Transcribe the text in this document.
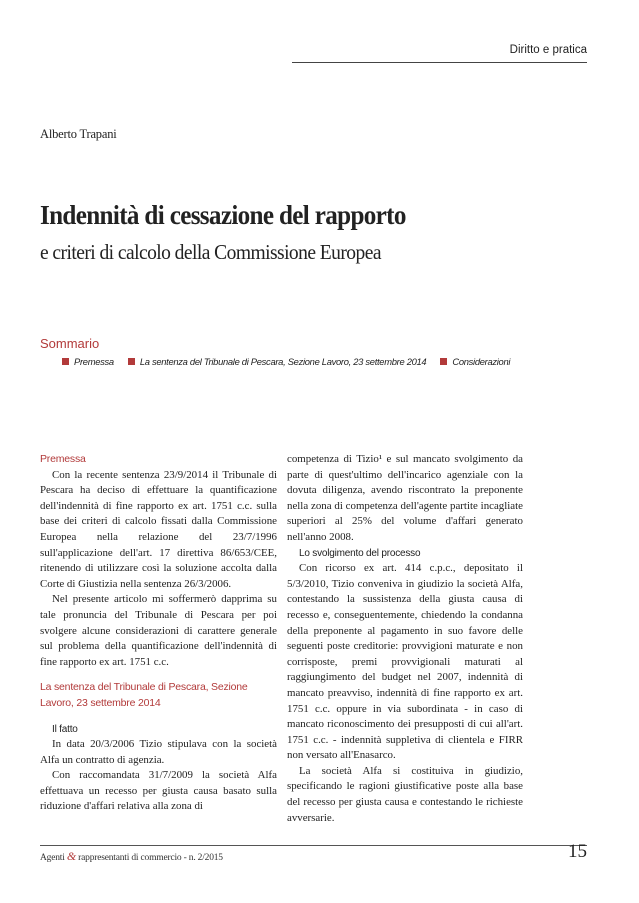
Diritto e pratica
Alberto Trapani
Indennità di cessazione del rapporto
e criteri di calcolo della Commissione Europea
Sommario
Premessa	La sentenza del Tribunale di Pescara, Sezione Lavoro, 23 settembre 2014	Considerazioni

Premessa

Con la recente sentenza 23/9/2014 il Tribunale di Pescara ha deciso di effettuare la quantificazione dell'indennità di fine rapporto ex art. 1751 c.c. sulla base dei criteri di calcolo fissati dalla Commissione Europea nella relazione del 23/7/1996 sull'applicazione dell'art. 17 direttiva 86/653/CEE, ritenendo di utilizzare così la soluzione accolta dalla Corte di Giustizia nella sentenza 26/3/2006.

Nel presente articolo mi soffermerò dapprima su tale pronuncia del Tribunale di Pescara per poi svolgere alcune considerazioni di carattere generale sul problema della quantificazione dell'indennità di fine rapporto ex art. 1751 c.c.

La sentenza del Tribunale di Pescara, Sezione Lavoro, 23 settembre 2014

Il fatto

In data 20/3/2006 Tizio stipulava con la società Alfa un contratto di agenzia.

Con raccomandata 31/7/2009 la società Alfa effettuava un recesso per giusta causa basato sulla riduzione d'affari relativa alla zona di

competenza di Tizio¹ e sul mancato svolgimento da parte di quest'ultimo dell'incarico agenziale con la dovuta diligenza, avendo riscontrato la preponente nella zona di competenza dell'agente partite incagliate superiori al 25% del volume d'affari generato nell'anno 2008.

Lo svolgimento del processo

Con ricorso ex art. 414 c.p.c., depositato il 5/3/2010, Tizio conveniva in giudizio la società Alfa, contestando la sussistenza della giusta causa di recesso e, conseguentemente, chiedendo la condanna della preponente al pagamento in suo favore delle seguenti poste creditorie: provvigioni maturate e non corrisposte, premi provvigionali maturati al raggiungimento del budget nel 2007, indennità di mancato preavviso, indennità di fine rapporto ex art. 1751 c.c. oppure in via subordinata - in caso di mancato riconoscimento dei presupposti di cui all'art. 1751 c.c. - indennità suppletiva di clientela e FIRR non versato all'Enasarco.

La società Alfa si costituiva in giudizio, specificando le ragioni giustificative poste alla base del recesso per giusta causa e contestando le richieste avversarie.

Agenti & rappresentanti di commercio - n. 2/2015	15
